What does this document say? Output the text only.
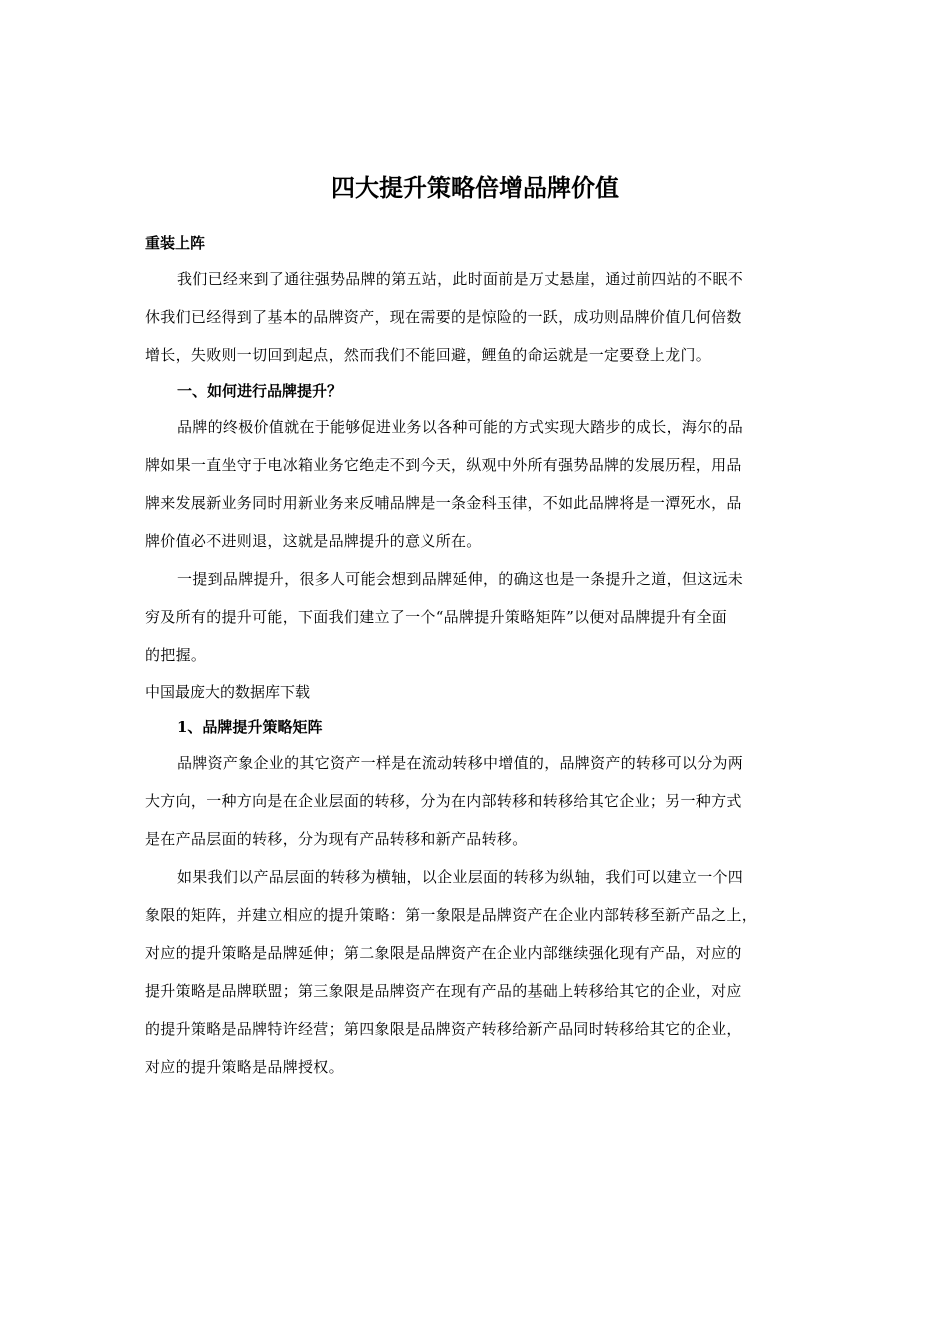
四大提升策略倍增品牌价值

重装上阵

我们已经来到了通往强势品牌的第五站，此时面前是万丈悬崖，通过前四站的不眠不
休我们已经得到了基本的品牌资产，现在需要的是惊险的一跃，成功则品牌价值几何倍数
增长，失败则一切回到起点，然而我们不能回避，鲤鱼的命运就是一定要登上龙门。

一、如何进行品牌提升？

品牌的终极价值就在于能够促进业务以各种可能的方式实现大踏步的成长，海尔的品
牌如果一直坐守于电冰箱业务它绝走不到今天，纵观中外所有强势品牌的发展历程，用品
牌来发展新业务同时用新业务来反哺品牌是一条金科玉律，不如此品牌将是一潭死水，品
牌价值必不进则退，这就是品牌提升的意义所在。

一提到品牌提升，很多人可能会想到品牌延伸，的确这也是一条提升之道，但这远未
穷及所有的提升可能，下面我们建立了一个“品牌提升策略矩阵”以便对品牌提升有全面
的把握。

中国最庞大的数据库下载

1、品牌提升策略矩阵

品牌资产象企业的其它资产一样是在流动转移中增值的，品牌资产的转移可以分为两
大方向，一种方向是在企业层面的转移，分为在内部转移和转移给其它企业；另一种方式
是在产品层面的转移，分为现有产品转移和新产品转移。

如果我们以产品层面的转移为横轴，以企业层面的转移为纵轴，我们可以建立一个四
象限的矩阵，并建立相应的提升策略：第一象限是品牌资产在企业内部转移至新产品之上，
对应的提升策略是品牌延伸；第二象限是品牌资产在企业内部继续强化现有产品，对应的
提升策略是品牌联盟；第三象限是品牌资产在现有产品的基础上转移给其它的企业，对应
的提升策略是品牌特许经营；第四象限是品牌资产转移给新产品同时转移给其它的企业，
对应的提升策略是品牌授权。
